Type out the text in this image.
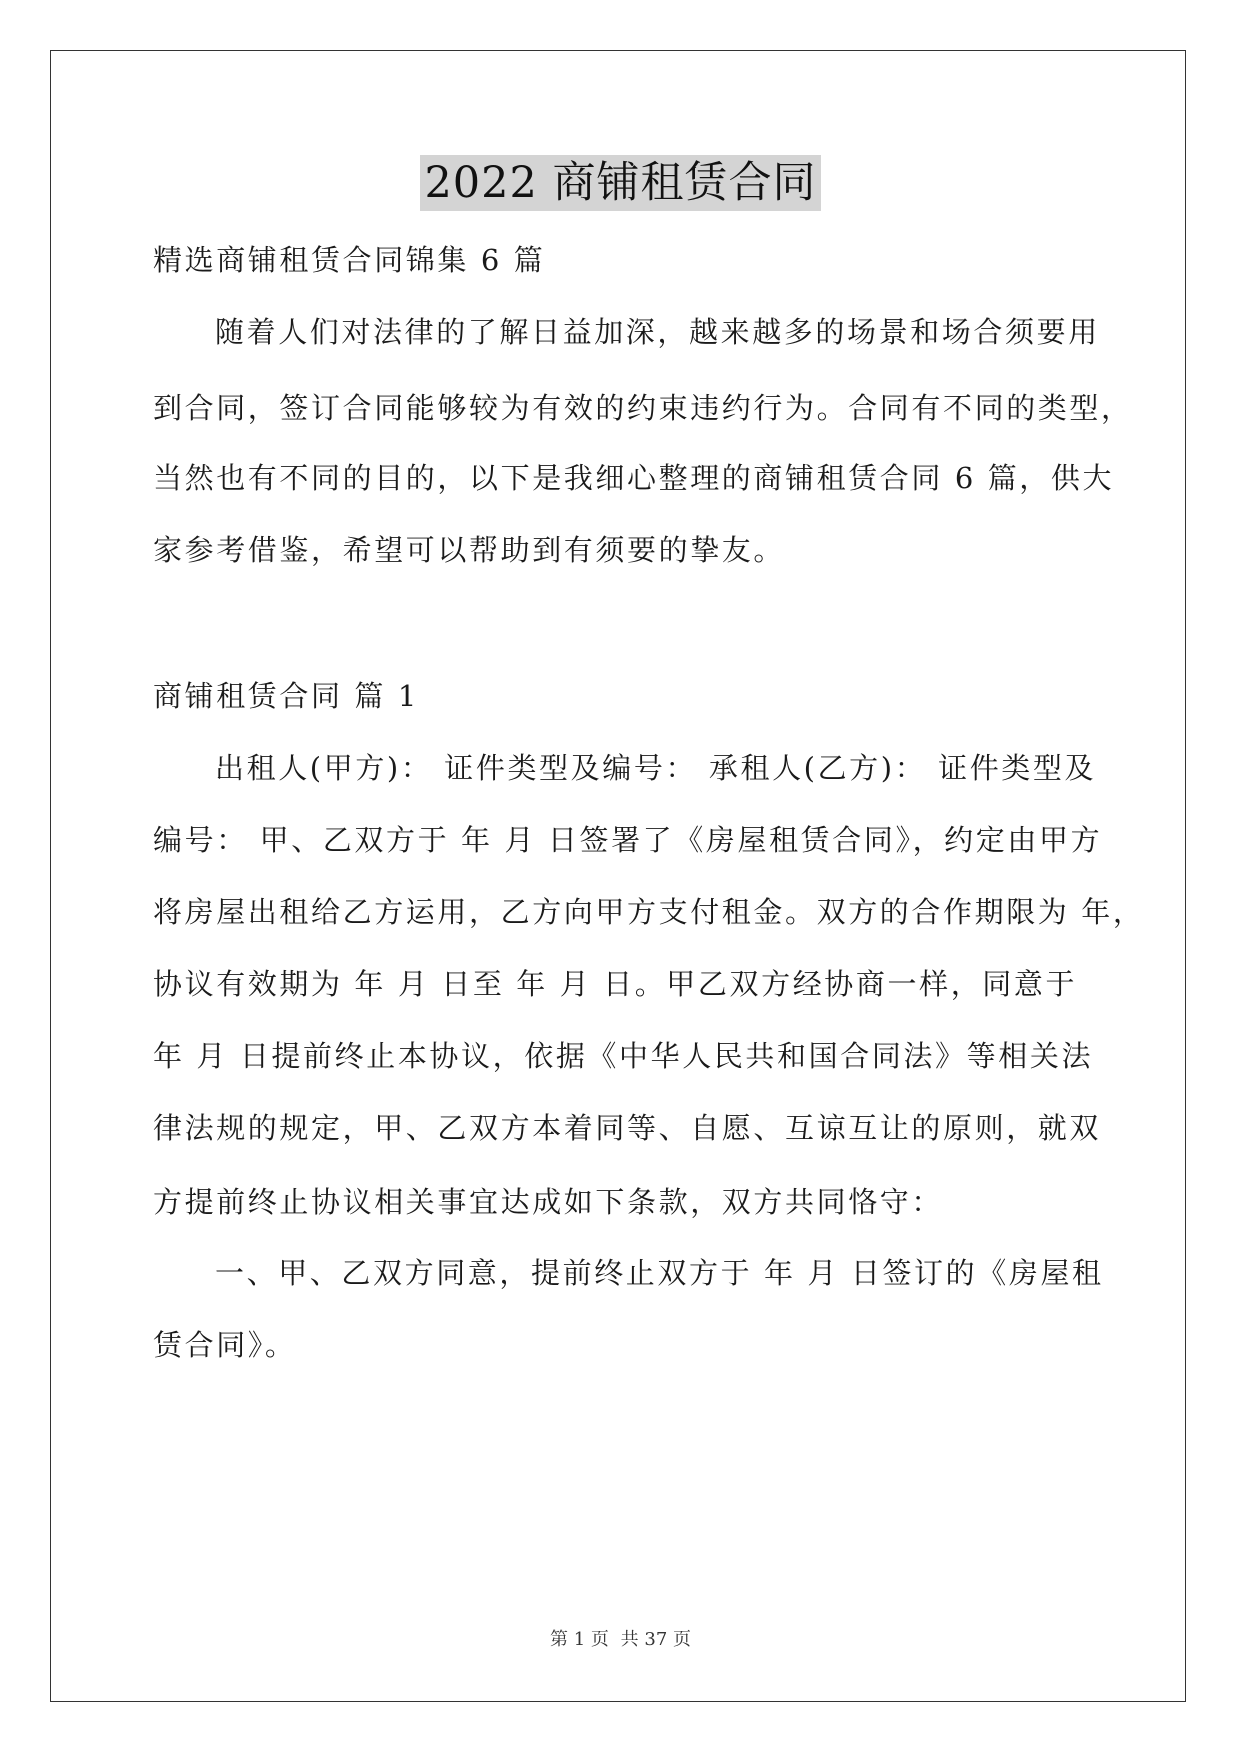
2022 商铺租赁合同
精选商铺租赁合同锦集 6 篇
随着人们对法律的了解日益加深，越来越多的场景和场合须要用
到合同，签订合同能够较为有效的约束违约行为。合同有不同的类型，
当然也有不同的目的，以下是我细心整理的商铺租赁合同 6 篇，供大
家参考借鉴，希望可以帮助到有须要的挚友。
商铺租赁合同 篇 1
出租人(甲方)： 证件类型及编号： 承租人(乙方)： 证件类型及
编号： 甲、乙双方于 年 月 日签署了《房屋租赁合同》，约定由甲方
将房屋出租给乙方运用，乙方向甲方支付租金。双方的合作期限为 年，
协议有效期为 年 月 日至 年 月 日。甲乙双方经协商一样，同意于
年 月 日提前终止本协议，依据《中华人民共和国合同法》等相关法
律法规的规定，甲、乙双方本着同等、自愿、互谅互让的原则，就双
方提前终止协议相关事宜达成如下条款，双方共同恪守：
一、甲、乙双方同意，提前终止双方于 年 月 日签订的《房屋租
赁合同》。
第 1 页 共 37 页
